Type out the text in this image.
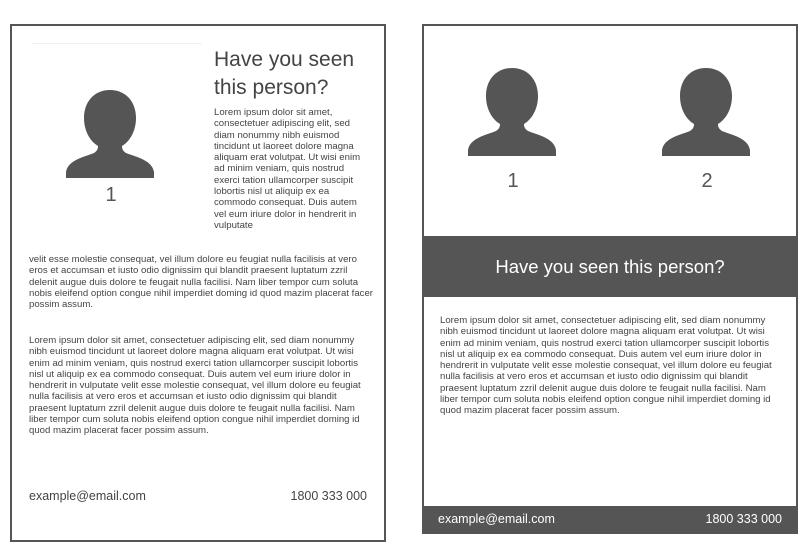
1
Have you seen this person?

Lorem ipsum dolor sit amet, consectetuer adipiscing elit, sed diam nonummy nibh euismod tincidunt ut laoreet dolore magna aliquam erat volutpat. Ut wisi enim ad minim veniam, quis nostrud exerci tation ullamcorper suscipit lobortis nisl ut aliquip ex ea commodo consequat. Duis autem vel eum iriure dolor in hendrerit in vulputate

velit esse molestie consequat, vel illum dolore eu feugiat nulla facilisis at vero eros et accumsan et iusto odio dignissim qui blandit praesent luptatum zzril delenit augue duis dolore te feugait nulla facilisi. Nam liber tempor cum soluta nobis eleifend option congue nihil imperdiet doming id quod mazim placerat facer possim assum.

Lorem ipsum dolor sit amet, consectetuer adipiscing elit, sed diam nonummy nibh euismod tincidunt ut laoreet dolore magna aliquam erat volutpat. Ut wisi enim ad minim veniam, quis nostrud exerci tation ullamcorper suscipit lobortis nisl ut aliquip ex ea commodo consequat. Duis autem vel eum iriure dolor in hendrerit in vulputate velit esse molestie consequat, vel illum dolore eu feugiat nulla facilisis at vero eros et accumsan et iusto odio dignissim qui blandit praesent luptatum zzril delenit augue duis dolore te feugait nulla facilisi. Nam liber tempor cum soluta nobis eleifend option congue nihil imperdiet doming id quod mazim placerat facer possim assum.

example@email.com	1800 333 000
1	2
Have you seen this person?

Lorem ipsum dolor sit amet, consectetuer adipiscing elit, sed diam nonummy nibh euismod tincidunt ut laoreet dolore magna aliquam erat volutpat. Ut wisi enim ad minim veniam, quis nostrud exerci tation ullamcorper suscipit lobortis nisl ut aliquip ex ea commodo consequat. Duis autem vel eum iriure dolor in hendrerit in vulputate velit esse molestie consequat, vel illum dolore eu feugiat nulla facilisis at vero eros et accumsan et iusto odio dignissim qui blandit praesent luptatum zzril delenit augue duis dolore te feugait nulla facilisi. Nam liber tempor cum soluta nobis eleifend option congue nihil imperdiet doming id quod mazim placerat facer possim assum.

example@email.com	1800 333 000
